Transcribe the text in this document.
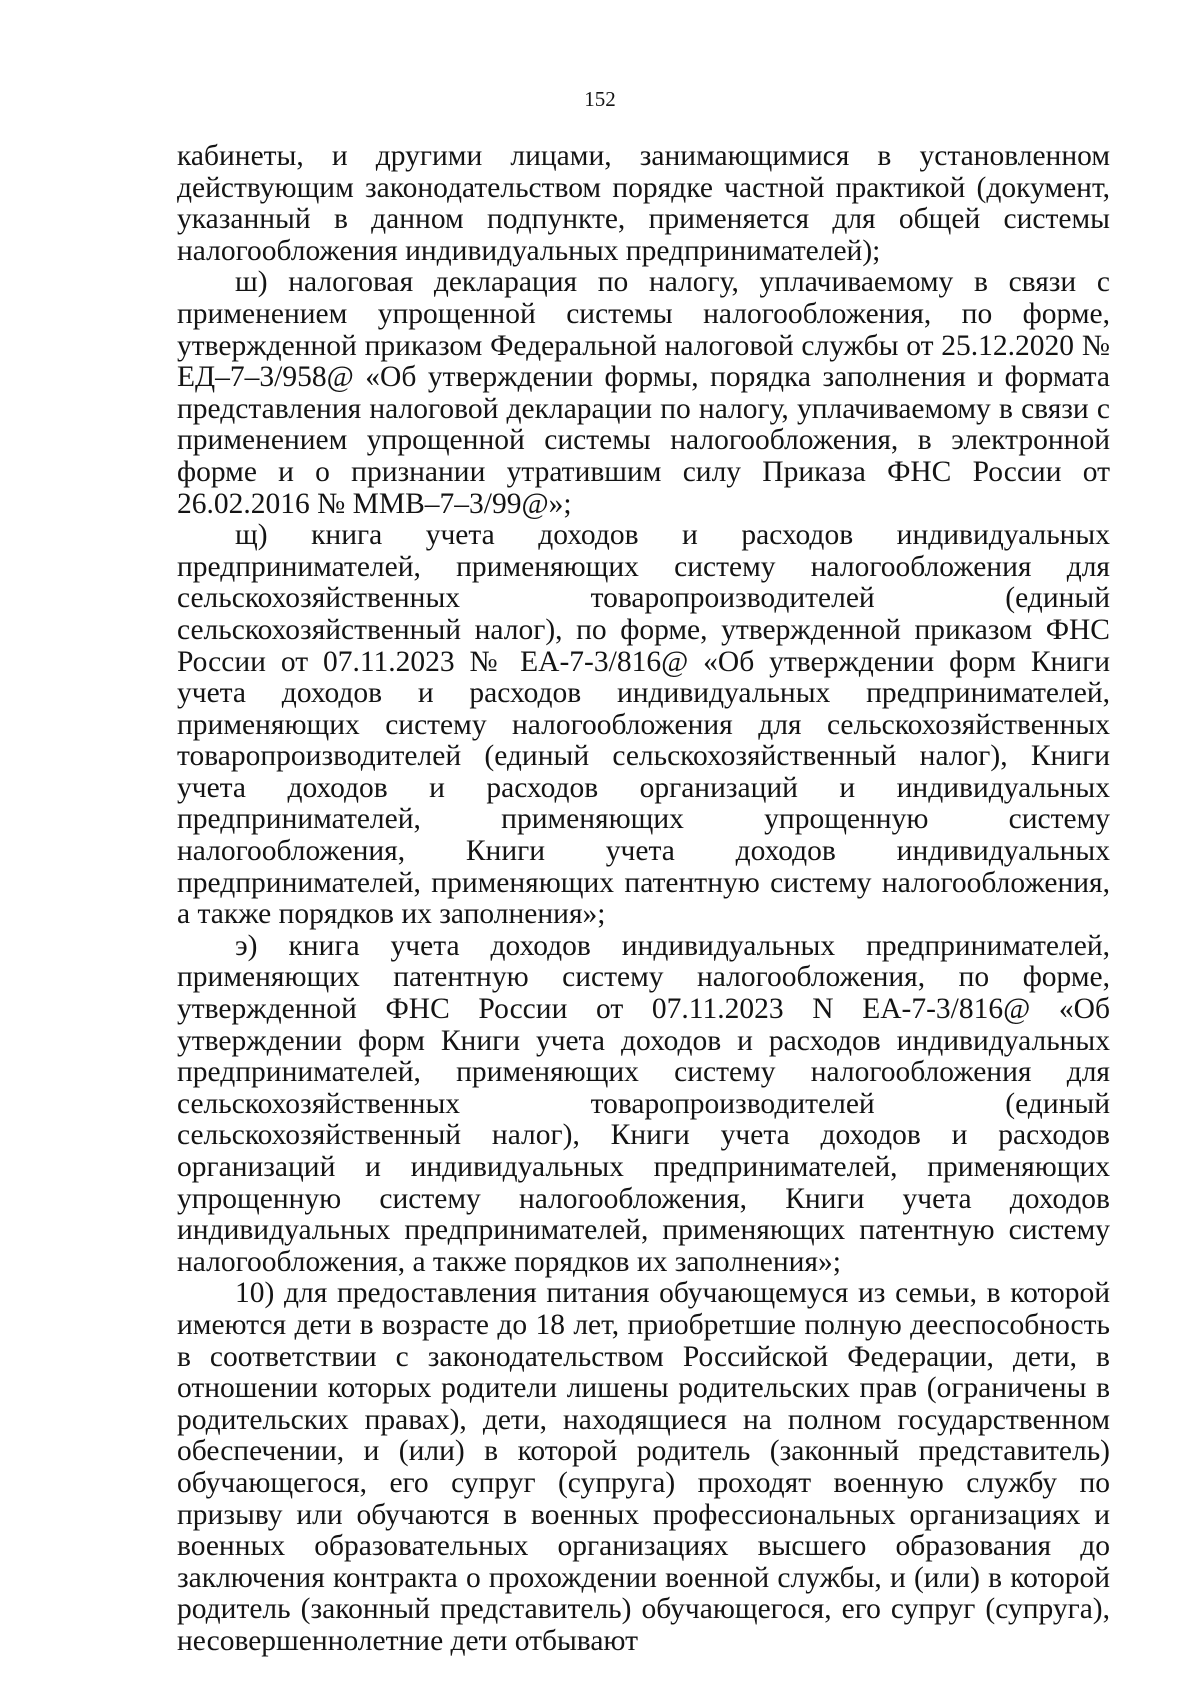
152

кабинеты, и другими лицами, занимающимися в установленном действующим законодательством порядке частной практикой (документ, указанный в данном подпункте, применяется для общей системы налогообложения индивидуальных предпринимателей);

ш) налоговая декларация по налогу, уплачиваемому в связи с применением упрощенной системы налогообложения, по форме, утвержденной приказом Федеральной налоговой службы от 25.12.2020 № ЕД–7–3/958@ «Об утверждении формы, порядка заполнения и формата представления налоговой декларации по налогу, уплачиваемому в связи с применением упрощенной системы налогообложения, в электронной форме и о признании утратившим силу Приказа ФНС России от 26.02.2016 № ММВ–7–3/99@»;

щ) книга учета доходов и расходов индивидуальных предпринимателей, применяющих систему налогообложения для сельскохозяйственных товаропроизводителей (единый сельскохозяйственный налог), по форме, утвержденной приказом ФНС России от 07.11.2023 № ЕА-7-3/816@ «Об утверждении форм Книги учета доходов и расходов индивидуальных предпринимателей, применяющих систему налогообложения для сельскохозяйственных товаропроизводителей (единый сельскохозяйственный налог), Книги учета доходов и расходов организаций и индивидуальных предпринимателей, применяющих упрощенную систему налогообложения, Книги учета доходов индивидуальных предпринимателей, применяющих патентную систему налогообложения, а также порядков их заполнения»;

э) книга учета доходов индивидуальных предпринимателей, применяющих патентную систему налогообложения, по форме, утвержденной ФНС России от 07.11.2023 N ЕА-7-3/816@ «Об утверждении форм Книги учета доходов и расходов индивидуальных предпринимателей, применяющих систему налогообложения для сельскохозяйственных товаропроизводителей (единый сельскохозяйственный налог), Книги учета доходов и расходов организаций и индивидуальных предпринимателей, применяющих упрощенную систему налогообложения, Книги учета доходов индивидуальных предпринимателей, применяющих патентную систему налогообложения, а также порядков их заполнения»;

10) для предоставления питания обучающемуся из семьи, в которой имеются дети в возрасте до 18 лет, приобретшие полную дееспособность в соответствии с законодательством Российской Федерации, дети, в отношении которых родители лишены родительских прав (ограничены в родительских правах), дети, находящиеся на полном государственном обеспечении, и (или) в которой родитель (законный представитель) обучающегося, его супруг (супруга) проходят военную службу по призыву или обучаются в военных профессиональных организациях и военных образовательных организациях высшего образования до заключения контракта о прохождении военной службы, и (или) в которой родитель (законный представитель) обучающегося, его супруг (супруга), несовершеннолетние дети отбывают
